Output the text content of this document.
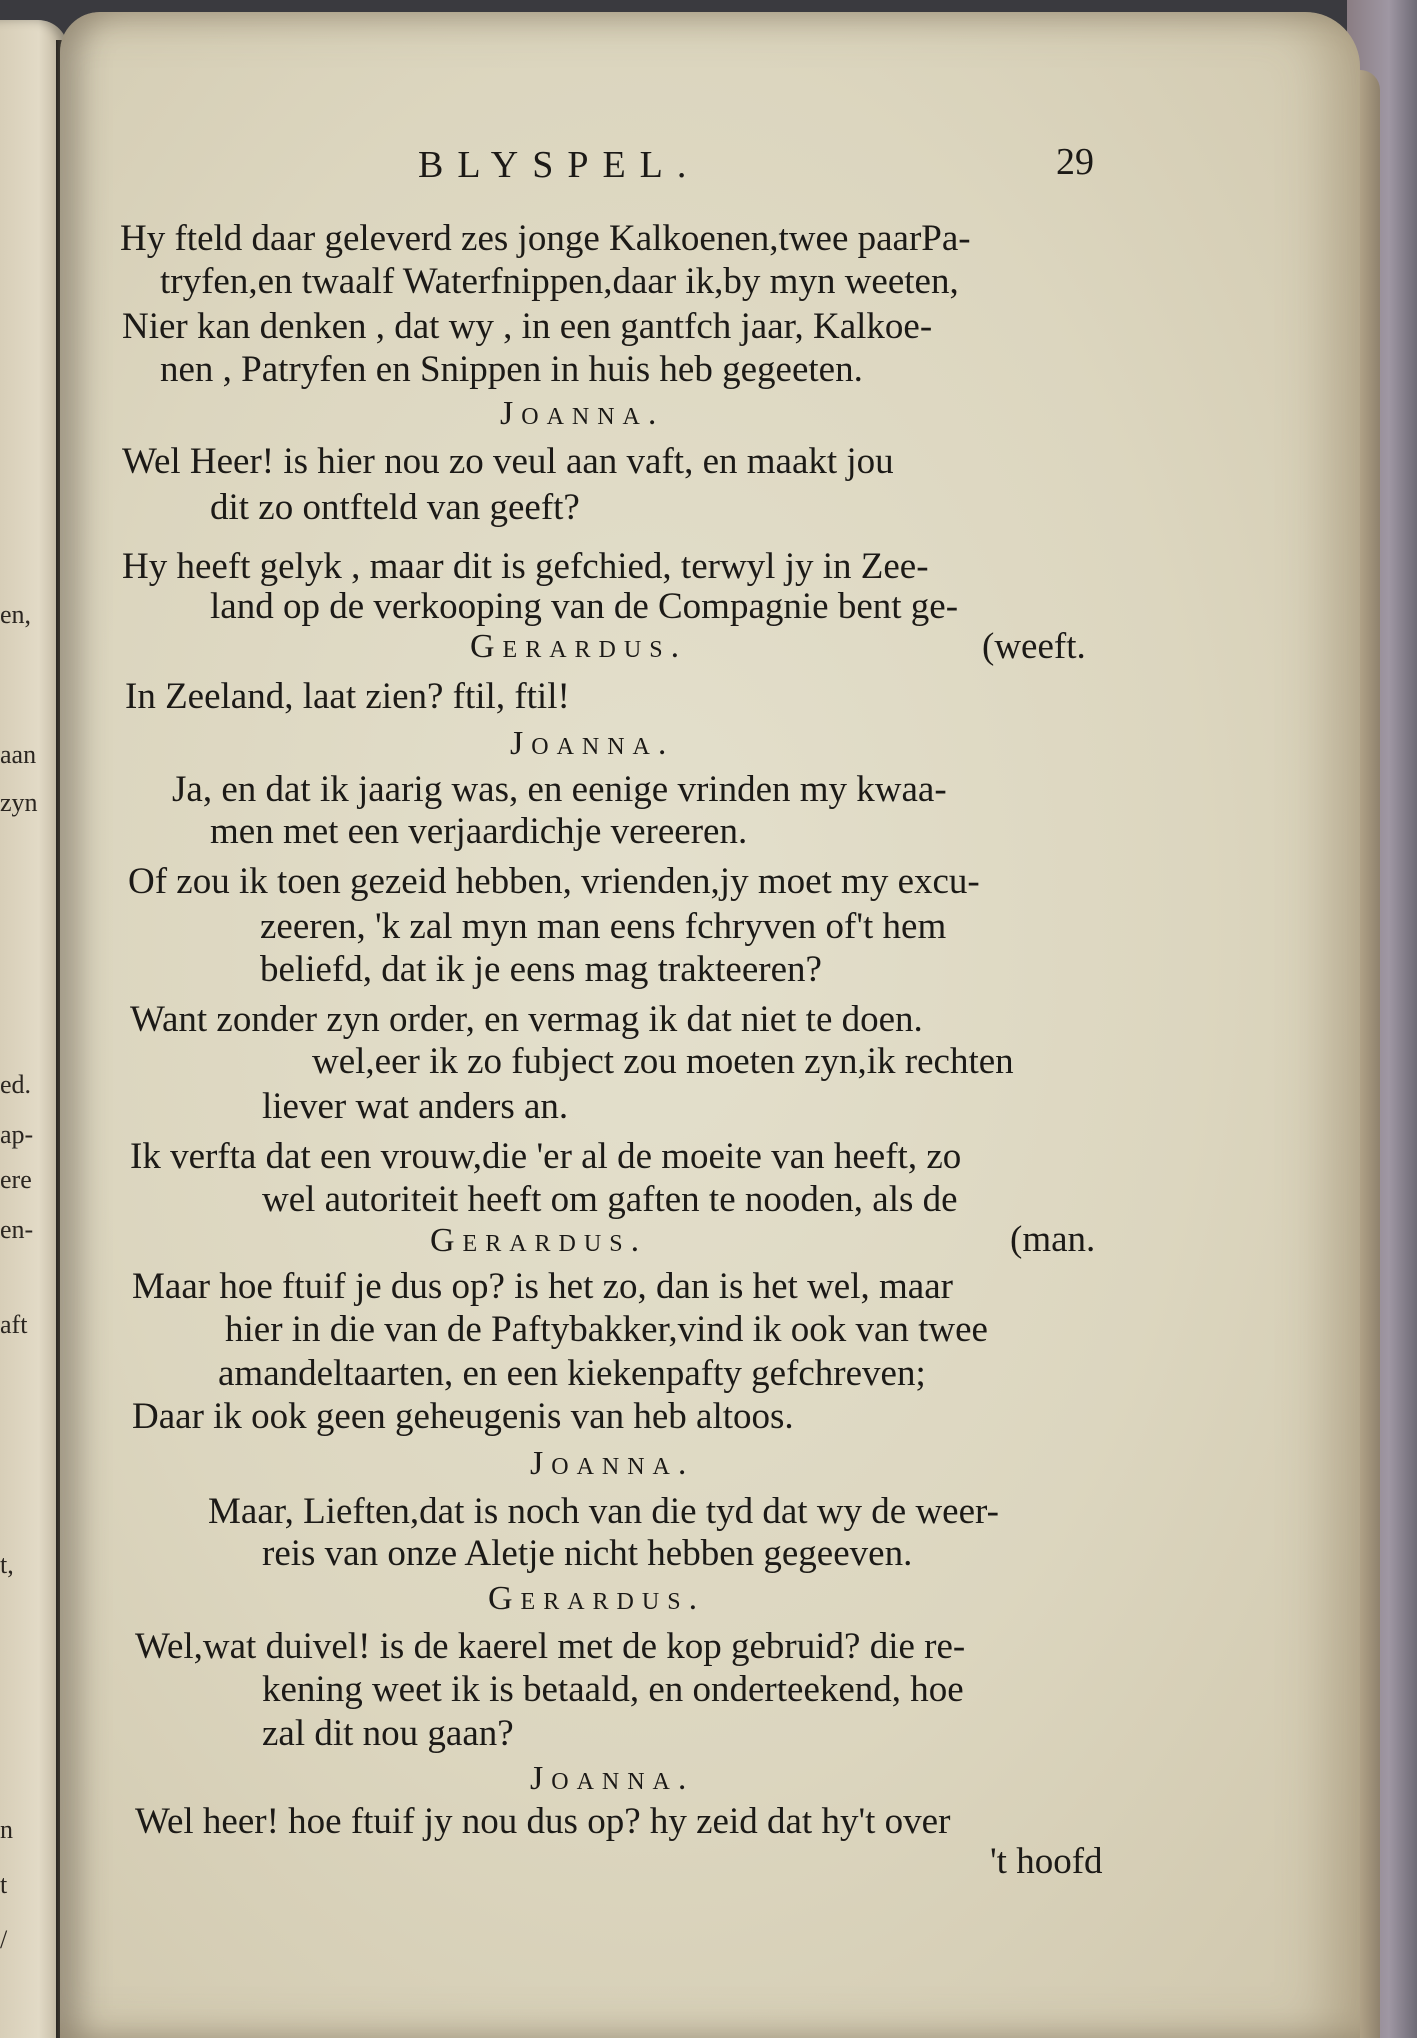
en,
aan
zyn
ed.
ap-
ere
en-
aft
t,
n
t
/
BLYSPEL.	29
Hy fteld daar geleverd zes jonge Kalkoenen,twee paarPa-
tryfen,en twaalf Waterfnippen,daar ik,by myn weeten,
Nier kan denken , dat wy , in een gantfch jaar, Kalkoe-
nen , Patryfen en Snippen in huis heb gegeeten.
Joanna.
Wel Heer! is hier nou zo veul aan vaft, en maakt jou
dit zo ontfteld van geeft?
Hy heeft gelyk , maar dit is gefchied, terwyl jy in Zee-
land op de verkooping van de Compagnie bent ge-
Gerardus.	(weeft.
In Zeeland, laat zien? ftil, ftil!
Joanna.
Ja, en dat ik jaarig was, en eenige vrinden my kwaa-
men met een verjaardichje vereeren.
Of zou ik toen gezeid hebben, vrienden,jy moet my excu-
zeeren, 'k zal myn man eens fchryven of't hem
beliefd, dat ik je eens mag trakteeren?
Want zonder zyn order, en vermag ik dat niet te doen.
wel,eer ik zo fubject zou moeten zyn,ik rechten
liever wat anders an.
Ik verfta dat een vrouw,die 'er al de moeite van heeft, zo
wel autoriteit heeft om gaften te nooden, als de
Gerardus.	(man.
Maar hoe ftuif je dus op? is het zo, dan is het wel, maar
hier in die van de Paftybakker,vind ik ook van twee
amandeltaarten, en een kiekenpafty gefchreven;
Daar ik ook geen geheugenis van heb altoos.
Joanna.
Maar, Lieften,dat is noch van die tyd dat wy de weer-
reis van onze Aletje nicht hebben gegeeven.
Gerardus.
Wel,wat duivel! is de kaerel met de kop gebruid? die re-
kening weet ik is betaald, en onderteekend, hoe
zal dit nou gaan?
Joanna.
Wel heer! hoe ftuif jy nou dus op? hy zeid dat hy't over
't hoofd
